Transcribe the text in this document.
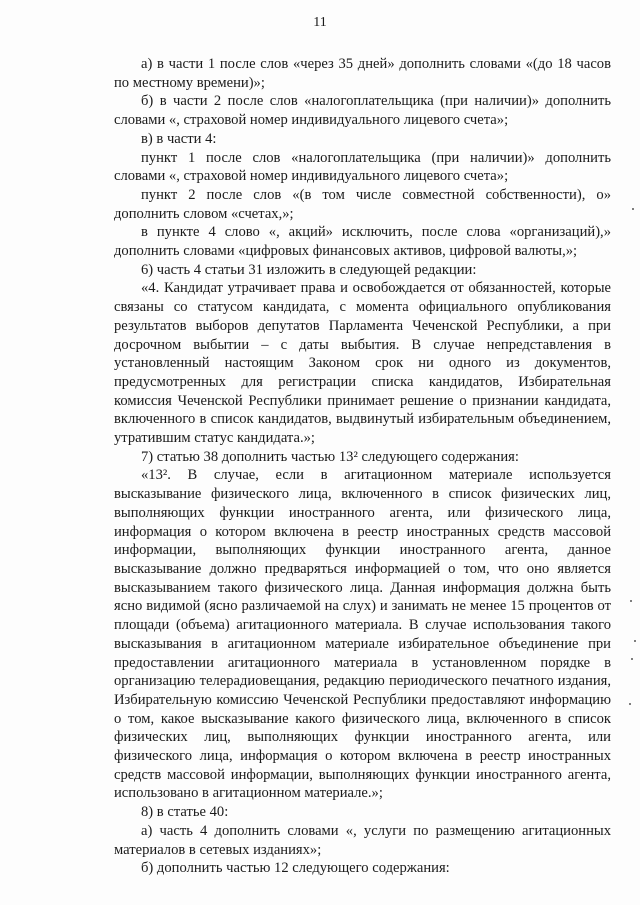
11

а) в части 1 после слов «через 35 дней» дополнить словами «(до 18 часов по местному времени)»;

б) в части 2 после слов «налогоплательщика (при наличии)» дополнить словами «, страховой номер индивидуального лицевого счета»;

в) в части 4:

пункт 1 после слов «налогоплательщика (при наличии)» дополнить словами «, страховой номер индивидуального лицевого счета»;

пункт 2 после слов «(в том числе совместной собственности), о» дополнить словом «счетах,»;

в пункте 4 слово «, акций» исключить, после слова «организаций),» дополнить словами «цифровых финансовых активов, цифровой валюты,»;

6) часть 4 статьи 31 изложить в следующей редакции:

«4. Кандидат утрачивает права и освобождается от обязанностей, которые связаны со статусом кандидата, с момента официального опубликования результатов выборов депутатов Парламента Чеченской Республики, а при досрочном выбытии – с даты выбытия. В случае непредставления в установленный настоящим Законом срок ни одного из документов, предусмотренных для регистрации списка кандидатов, Избирательная комиссия Чеченской Республики принимает решение о признании кандидата, включенного в список кандидатов, выдвинутый избирательным объединением, утратившим статус кандидата.»;

7) статью 38 дополнить частью 13² следующего содержания:

«13². В случае, если в агитационном материале используется высказывание физического лица, включенного в список физических лиц, выполняющих функции иностранного агента, или физического лица, информация о котором включена в реестр иностранных средств массовой информации, выполняющих функции иностранного агента, данное высказывание должно предваряться информацией о том, что оно является высказыванием такого физического лица. Данная информация должна быть ясно видимой (ясно различаемой на слух) и занимать не менее 15 процентов от площади (объема) агитационного материала. В случае использования такого высказывания в агитационном материале избирательное объединение при предоставлении агитационного материала в установленном порядке в организацию телерадиовещания, редакцию периодического печатного издания, Избирательную комиссию Чеченской Республики предоставляют информацию о том, какое высказывание какого физического лица, включенного в список физических лиц, выполняющих функции иностранного агента, или физического лица, информация о котором включена в реестр иностранных средств массовой информации, выполняющих функции иностранного агента, использовано в агитационном материале.»;

8) в статье 40:

а) часть 4 дополнить словами «, услуги по размещению агитационных материалов в сетевых изданиях»;

б) дополнить частью 12 следующего содержания:
